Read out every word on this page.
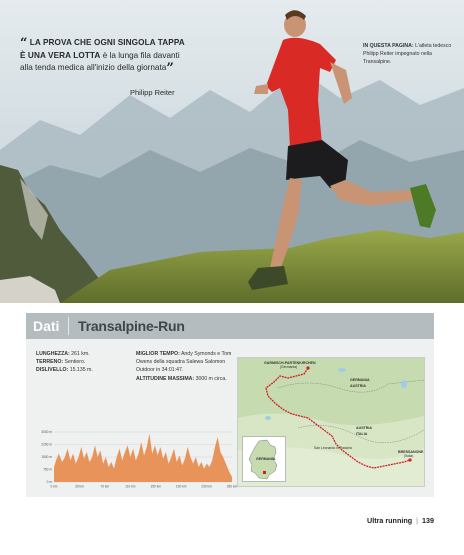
“ LA PROVA CHE OGNI SINGOLA TAPPA È UNA VERA LOTTA è la lunga fila davanti alla tenda medica all'inizio della giornata”
Philipp Reiter
IN QUESTA PAGINA: L'atleta tedesco Philipp Reiter impegnato nella Transalpine.
Dati Transalpine-Run
LUNGHEZZA: 261 km.
TERRENO: Sentiero.
DISLIVELLO: 15.135 m.
MIGLIOR TEMPO: Andy Symonds e Tom Owens della squadra Salewa Salomon Outdoor in 34:01:47.
ALTITUDINE MASSIMA: 3000 m circa.
3000 m
2250 m
1500 m
750 m
0 m
0 km	30 km	70 km	110 km	150 km	190 km	230 km	260 km
GARMISCH-PARTENKIRCHEN
(Germania)
GERMANIA
AUSTRIA
AUSTRIA
ITALIA
San Leonardo in Passiria
BRESSANONE
(Italia)
GERMANIA
Ultra running | 139
